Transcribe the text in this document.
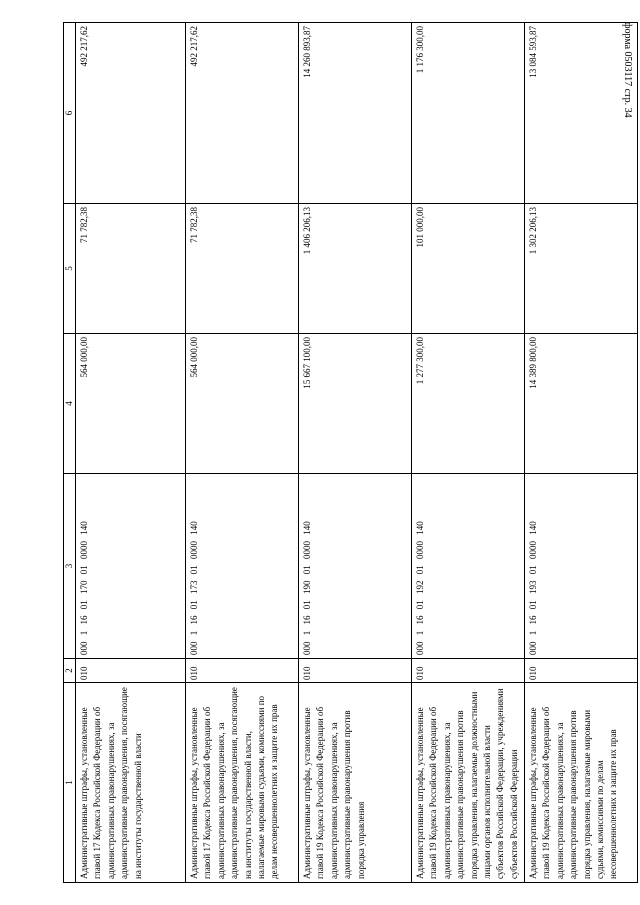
форма 0503117 стр. 34
1	2	3	4	5	6
Административные штрафы, установленные главой 17 Кодекса Российской Федерации об административных правонарушениях, за административные правонарушения, посягающие на институты государственной власти	010	000 1 16 01 170 01 0000 140	564 000,00	71 782,38	492 217,62
Административные штрафы, установленные главой 17 Кодекса Российской Федерации об административных правонарушениях, за административные правонарушения, посягающие на институты государственной власти, налагаемые мировыми судьями, комиссиями по делам несовершеннолетних и защите их прав	010	000 1 16 01 173 01 0000 140	564 000,00	71 782,38	492 217,62
Административные штрафы, установленные главой 19 Кодекса Российской Федерации об административных правонарушениях, за административные правонарушения против порядка управления	010	000 1 16 01 190 01 0000 140	15 667 100,00	1 406 206,13	14 260 893,87
Административные штрафы, установленные главой 19 Кодекса Российской Федерации об административных правонарушениях, за административные правонарушения против порядка управления, налагаемые должностными лицами органов исполнительной власти субъектов Российской Федерации, учреждениями субъектов Российской Федерации	010	000 1 16 01 192 01 0000 140	1 277 300,00	101 000,00	1 176 300,00
Административные штрафы, установленные главой 19 Кодекса Российской Федерации об административных правонарушениях, за административные правонарушения против порядка управления, налагаемые мировыми судьями, комиссиями по делам несовершеннолетних и защите их прав	010	000 1 16 01 193 01 0000 140	14 389 800,00	1 302 206,13	13 084 593,87
